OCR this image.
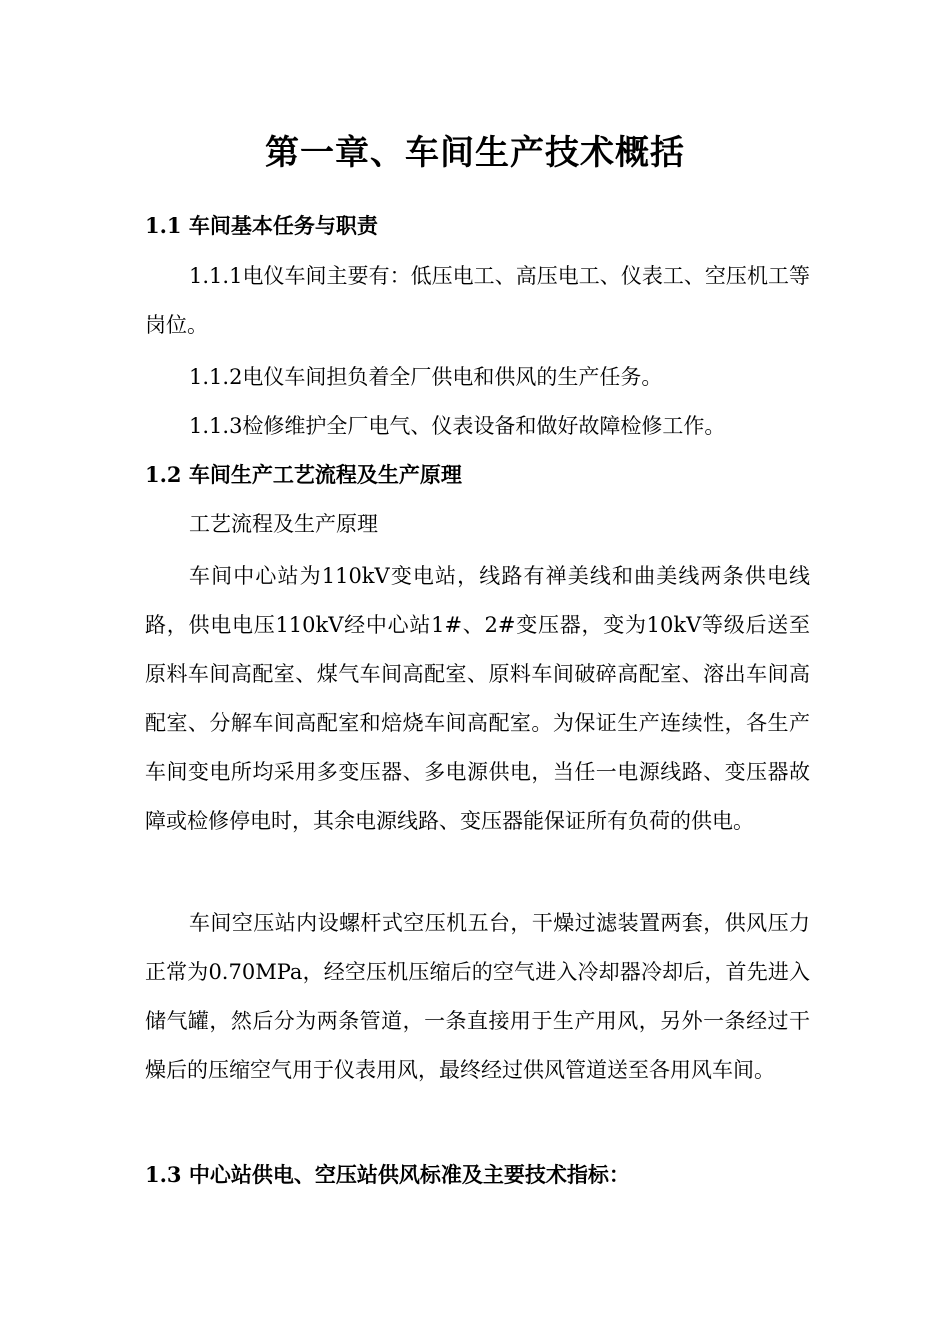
第一章、车间生产技术概括
1.1 车间基本任务与职责
1.1.1电仪车间主要有：低压电工、高压电工、仪表工、空压机工等岗位。
1.1.2电仪车间担负着全厂供电和供风的生产任务。
1.1.3检修维护全厂电气、仪表设备和做好故障检修工作。
1.2 车间生产工艺流程及生产原理
工艺流程及生产原理
车间中心站为110kV变电站，线路有禅美线和曲美线两条供电线路，供电电压110kV经中心站1#、2#变压器，变为10kV等级后送至原料车间高配室、煤气车间高配室、原料车间破碎高配室、溶出车间高配室、分解车间高配室和焙烧车间高配室。为保证生产连续性，各生产车间变电所均采用多变压器、多电源供电，当任一电源线路、变压器故障或检修停电时，其余电源线路、变压器能保证所有负荷的供电。
车间空压站内设螺杆式空压机五台，干燥过滤装置两套，供风压力正常为0.70MPa，经空压机压缩后的空气进入冷却器冷却后，首先进入储气罐，然后分为两条管道，一条直接用于生产用风，另外一条经过干燥后的压缩空气用于仪表用风，最终经过供风管道送至各用风车间。
1.3 中心站供电、空压站供风标准及主要技术指标：
